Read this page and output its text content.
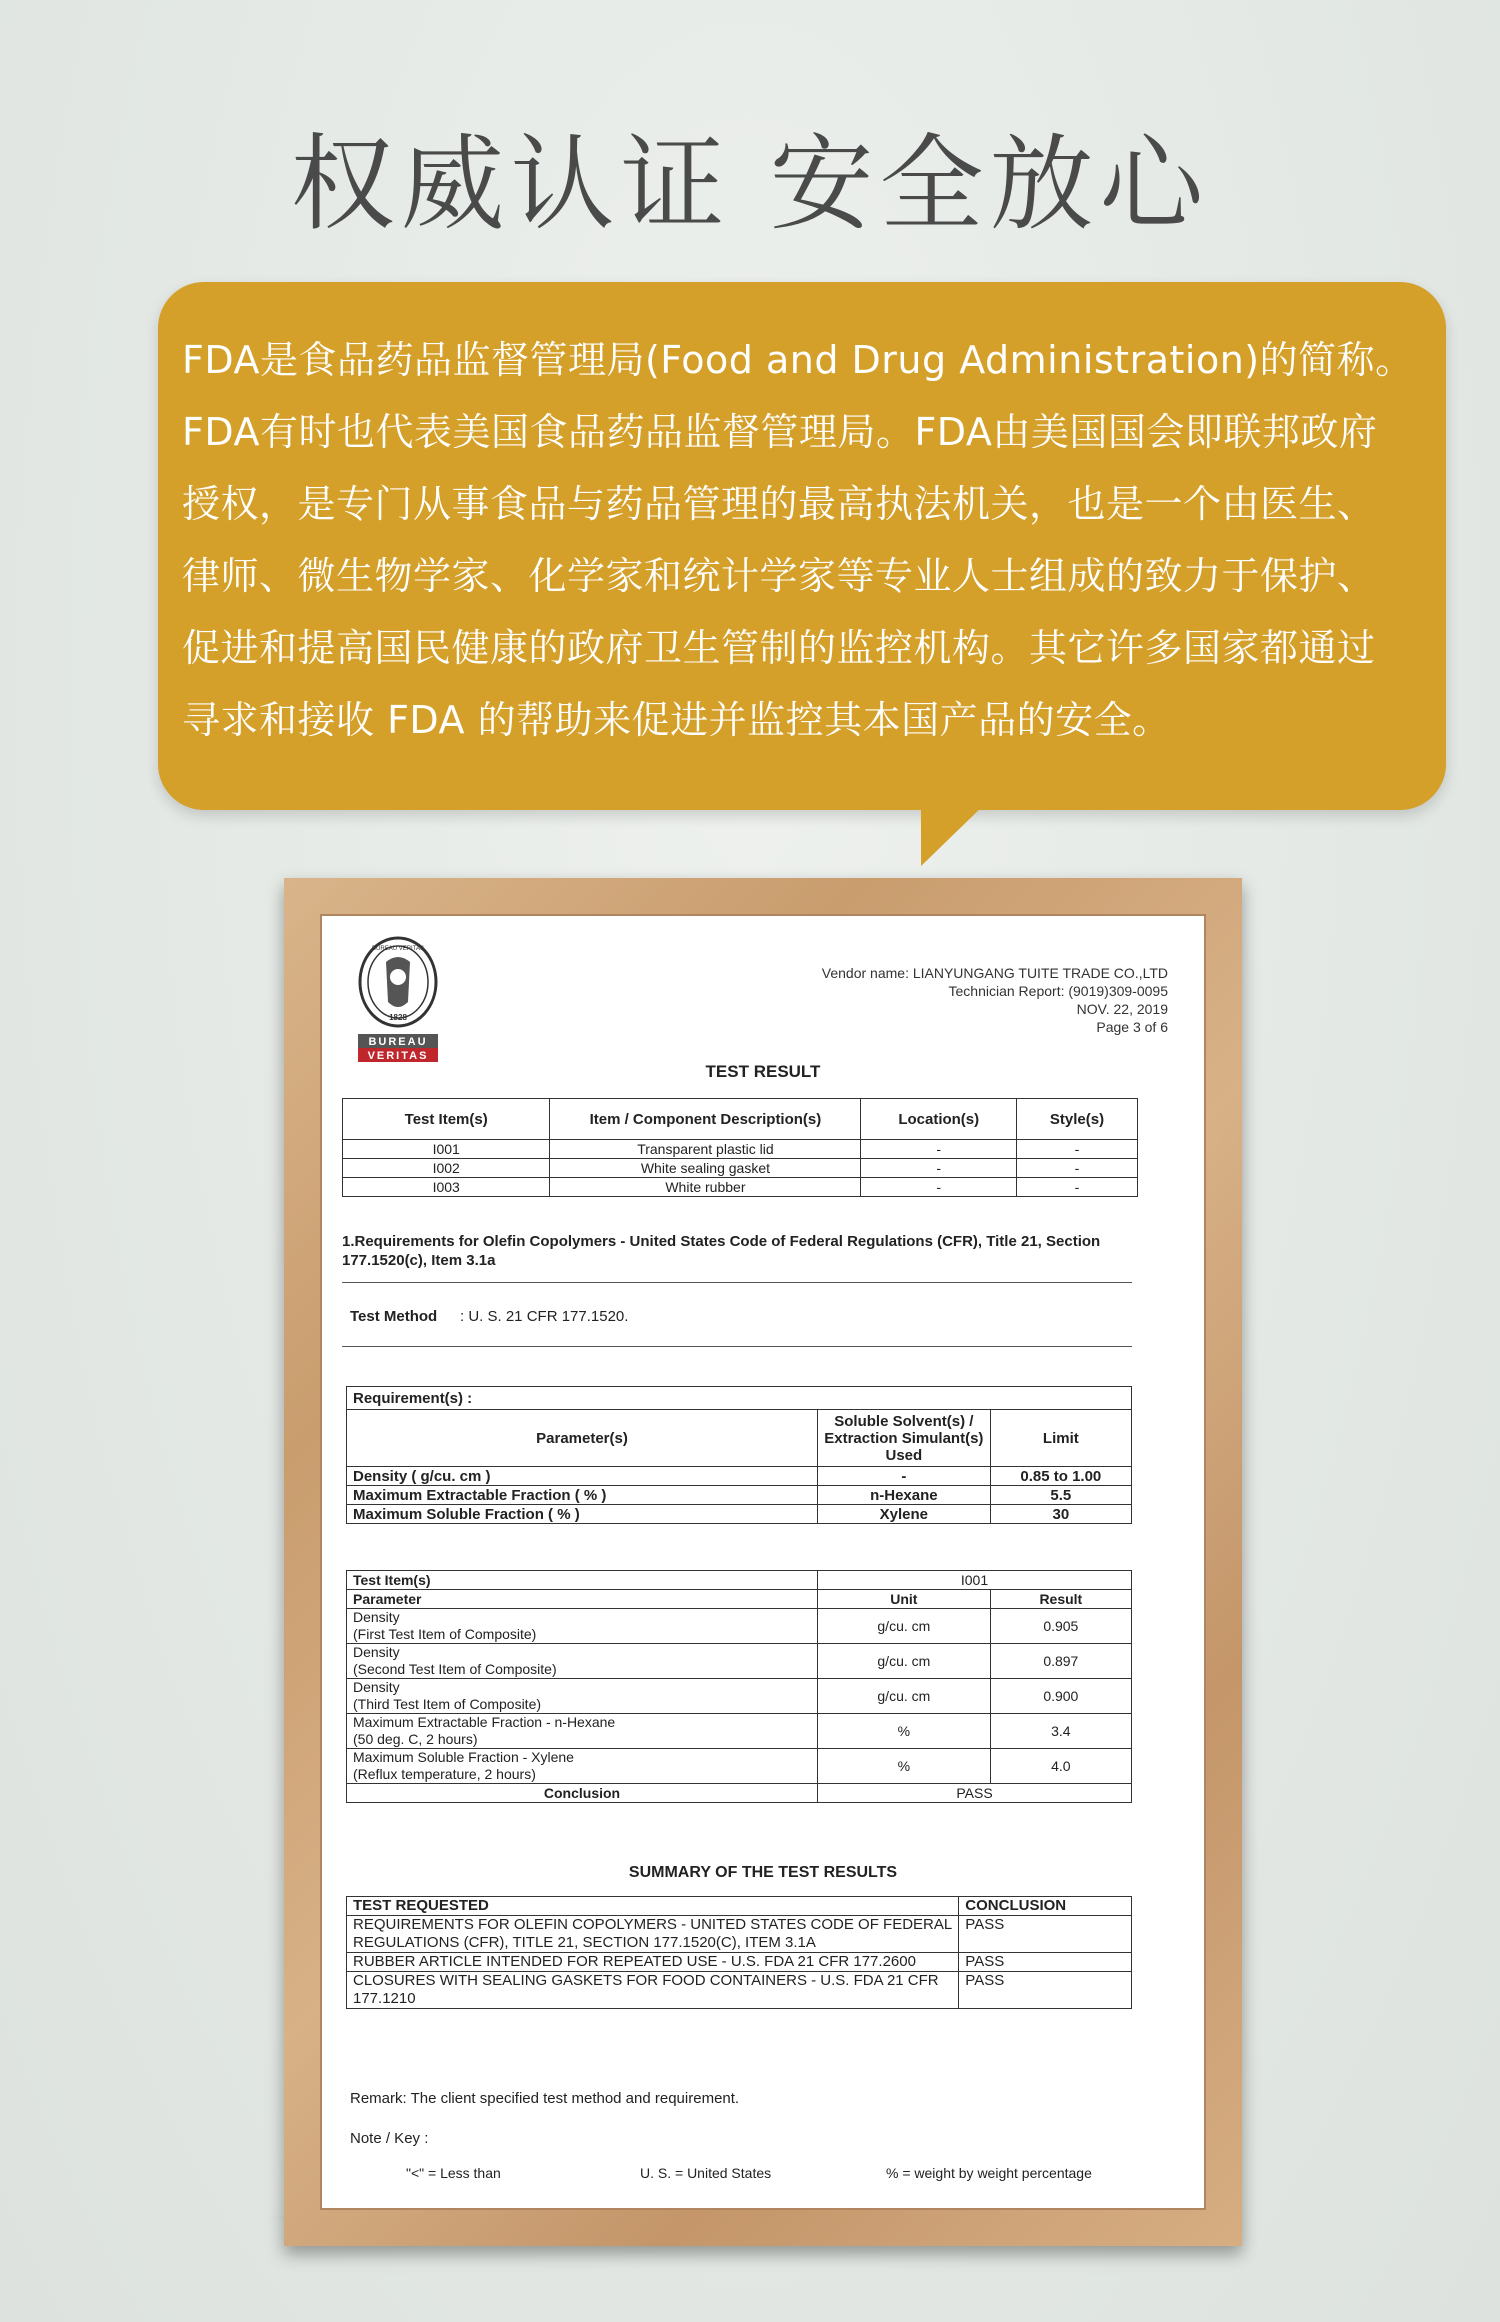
权威认证 安全放心

FDA是食品药品监督管理局(Food and Drug Administration)的简称。

FDA有时也代表美国食品药品监督管理局。FDA由美国国会即联邦政府

授权，是专门从事食品与药品管理的最高执法机关，也是一个由医生、

律师、微生物学家、化学家和统计学家等专业人士组成的致力于保护、

促进和提高国民健康的政府卫生管制的监控机构。其它许多国家都通过

寻求和接收 FDA 的帮助来促进并监控其本国产品的安全。

BUREAU VERITAS
1828
BUREAU
VERITAS
Vendor name: LIANYUNGANG TUITE TRADE CO.,LTD
Technician Report: (9019)309-0095
NOV. 22, 2019
Page 3 of 6
TEST RESULT
Test Item(s)	Item / Component Description(s)	Location(s)	Style(s)
I001	Transparent plastic lid	-	-
I002	White sealing gasket	-	-
I003	White rubber	-	-
1.Requirements for Olefin Copolymers - United States Code of Federal Regulations (CFR), Title 21, Section 177.1520(c), Item 3.1a
Test Method : U. S. 21 CFR 177.1520.
Requirement(s) :		
Parameter(s)	Soluble Solvent(s) / Extraction Simulant(s) Used	Limit
Density ( g/cu. cm )	-	0.85 to 1.00
Maximum Extractable Fraction ( % )	n-Hexane	5.5
Maximum Soluble Fraction ( % )	Xylene	30
Test Item(s)	I001	
Parameter	Unit	Result

Density
(First Test Item of Composite)	g/cu. cm	0.905

Density
(Second Test Item of Composite)	g/cu. cm	0.897

Density
(Third Test Item of Composite)	g/cu. cm	0.900

Maximum Extractable Fraction - n-Hexane
(50 deg. C, 2 hours)	%	3.4

Maximum Soluble Fraction - Xylene
(Reflux temperature, 2 hours)	%	4.0
Conclusion	PASS	
SUMMARY OF THE TEST RESULTS
TEST REQUESTED	CONCLUSION
REQUIREMENTS FOR OLEFIN COPOLYMERS - UNITED STATES CODE OF FEDERAL REGULATIONS (CFR), TITLE 21, SECTION 177.1520(C), ITEM 3.1A	PASS
RUBBER ARTICLE INTENDED FOR REPEATED USE - U.S. FDA 21 CFR 177.2600	PASS
CLOSURES WITH SEALING GASKETS FOR FOOD CONTAINERS - U.S. FDA 21 CFR 177.1210	PASS
Remark: The client specified test method and requirement.
Note / Key :
"<" = Less than	U. S. = United States	% = weight by weight percentage
